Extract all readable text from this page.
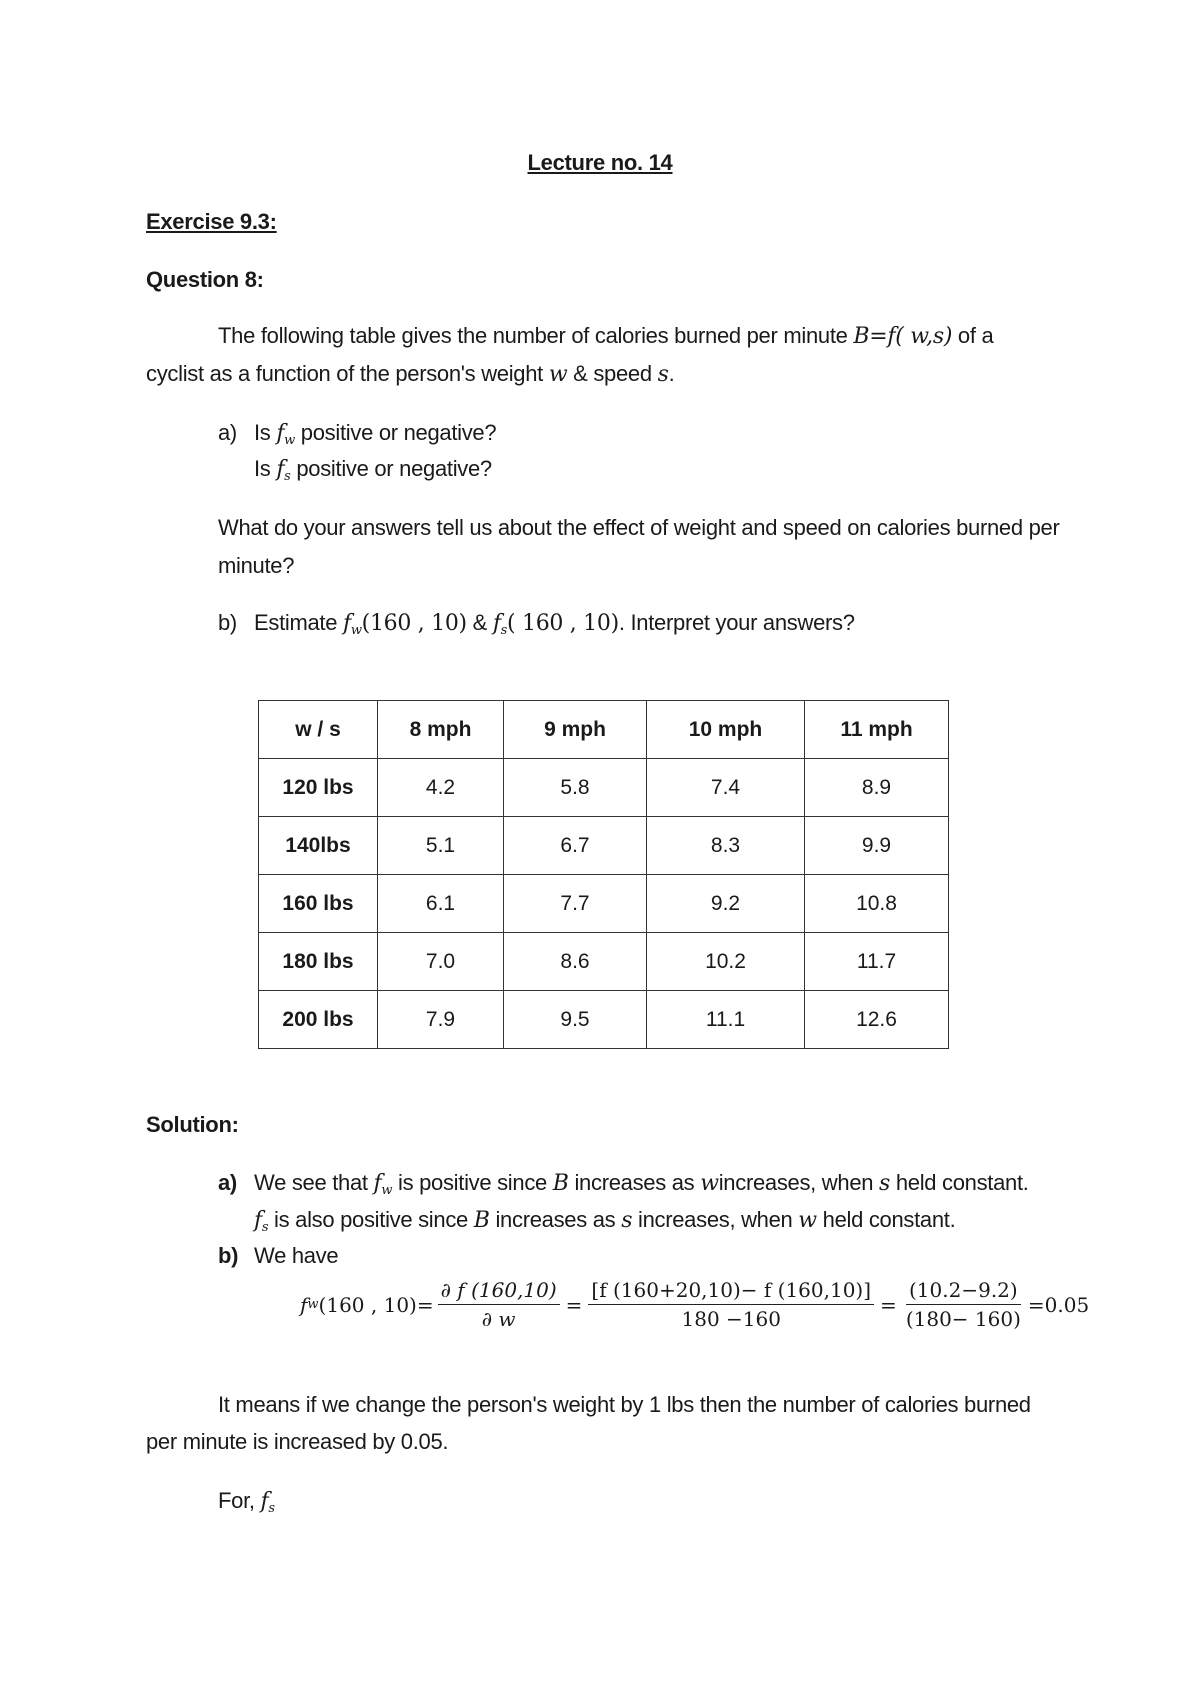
Lecture no. 14
Exercise 9.3:
Question 8:
The following table gives the number of calories burned per minute B=f( w,s) of a
cyclist as a function of the person's weight w & speed s.
a) Is $f_w$ positive or negative?
Is $f_s$ positive or negative?
What do your answers tell us about the effect of weight and speed on calories burned per
minute?
b) Estimate $f_w(160$ , 10) & $f_s$( 160 , 10). Interpret your answers?
w / s	8 mph	9 mph	10 mph	11 mph
120 lbs	4.2	5.8	7.4	8.9
140lbs	5.1	6.7	8.3	9.9
160 lbs	6.1	7.7	9.2	10.8
180 lbs	7.0	8.6	10.2	11.7
200 lbs	7.9	9.5	11.1	12.6
Solution:
a) We see that $f_w$ is positive since B increases as wincreases, when s held constant.
$f_s$ is also positive since B increases as s increases, when w held constant.
b) We have
f w (160 , $10)= \frac{\partial f (160,10)}{\partial w} = \frac{[f (160+20,10)- f (160,10)]}{180 -160} = \frac{(10.2-9.2)}{(180- 160)} =0.05$
It means if we change the person's weight by 1 lbs then the number of calories burned
per minute is increased by 0.05.
For, $f_s$
